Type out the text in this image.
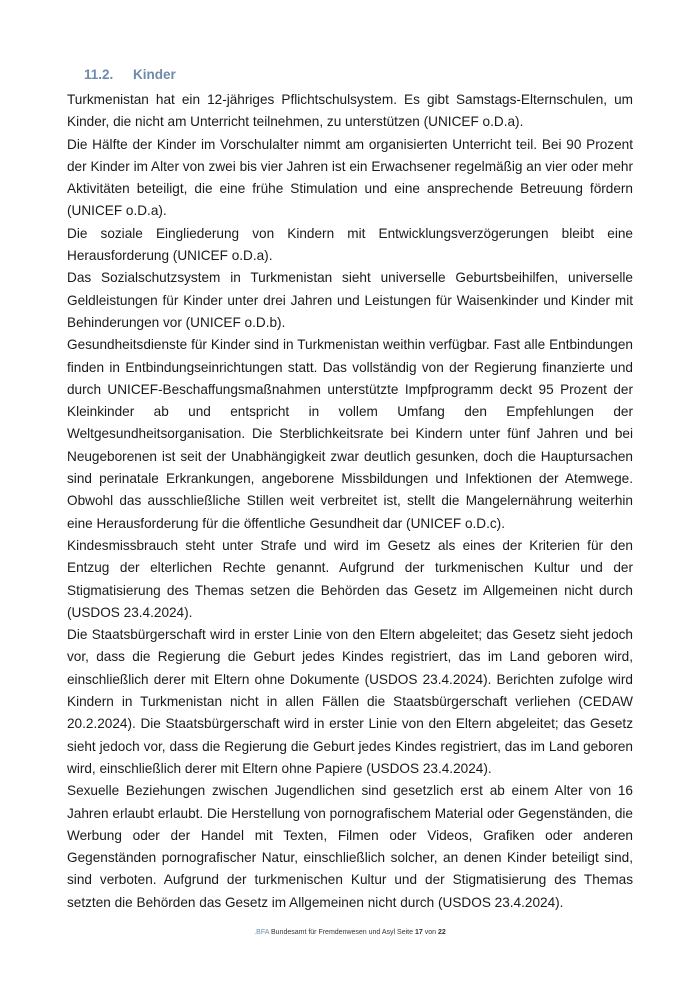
11.2. Kinder

Turkmenistan hat ein 12-jähriges Pflichtschulsystem. Es gibt Samstags-Elternschulen, um Kinder, die nicht am Unterricht teilnehmen, zu unterstützen (UNICEF o.D.a).

Die Hälfte der Kinder im Vorschulalter nimmt am organisierten Unterricht teil. Bei 90 Prozent der Kinder im Alter von zwei bis vier Jahren ist ein Erwachsener regelmäßig an vier oder mehr Aktivitäten beteiligt, die eine frühe Stimulation und eine ansprechende Betreuung fördern (UNICEF o.D.a).

Die soziale Eingliederung von Kindern mit Entwicklungsverzögerungen bleibt eine Herausforderung (UNICEF o.D.a).

Das Sozialschutzsystem in Turkmenistan sieht universelle Geburtsbeihilfen, universelle Geldleistungen für Kinder unter drei Jahren und Leistungen für Waisenkinder und Kinder mit Behinderungen vor (UNICEF o.D.b).

Gesundheitsdienste für Kinder sind in Turkmenistan weithin verfügbar. Fast alle Entbindungen finden in Entbindungseinrichtungen statt. Das vollständig von der Regierung finanzierte und durch UNICEF-Beschaffungsmaßnahmen unterstützte Impfprogramm deckt 95 Prozent der Kleinkinder ab und entspricht in vollem Umfang den Empfehlungen der Weltgesundheitsorganisation. Die Sterblichkeitsrate bei Kindern unter fünf Jahren und bei Neugeborenen ist seit der Unabhängigkeit zwar deutlich gesunken, doch die Hauptursachen sind perinatale Erkrankungen, angeborene Missbildungen und Infektionen der Atemwege. Obwohl das ausschließliche Stillen weit verbreitet ist, stellt die Mangelernährung weiterhin eine Herausforderung für die öffentliche Gesundheit dar (UNICEF o.D.c).

Kindesmissbrauch steht unter Strafe und wird im Gesetz als eines der Kriterien für den Entzug der elterlichen Rechte genannt. Aufgrund der turkmenischen Kultur und der Stigmatisierung des Themas setzen die Behörden das Gesetz im Allgemeinen nicht durch (USDOS 23.4.2024).

Die Staatsbürgerschaft wird in erster Linie von den Eltern abgeleitet; das Gesetz sieht jedoch vor, dass die Regierung die Geburt jedes Kindes registriert, das im Land geboren wird, einschließlich derer mit Eltern ohne Dokumente (USDOS 23.4.2024). Berichten zufolge wird Kindern in Turkmenistan nicht in allen Fällen die Staatsbürgerschaft verliehen (CEDAW 20.2.2024). Die Staatsbürgerschaft wird in erster Linie von den Eltern abgeleitet; das Gesetz sieht jedoch vor, dass die Regierung die Geburt jedes Kindes registriert, das im Land geboren wird, einschließlich derer mit Eltern ohne Papiere (USDOS 23.4.2024).

Sexuelle Beziehungen zwischen Jugendlichen sind gesetzlich erst ab einem Alter von 16 Jahren erlaubt erlaubt. Die Herstellung von pornografischem Material oder Gegenständen, die Werbung oder der Handel mit Texten, Filmen oder Videos, Grafiken oder anderen Gegenständen pornografischer Natur, einschließlich solcher, an denen Kinder beteiligt sind, sind verboten. Aufgrund der turkmenischen Kultur und der Stigmatisierung des Themas setzten die Behörden das Gesetz im Allgemeinen nicht durch (USDOS 23.4.2024).

.BFA Bundesamt für Fremdenwesen und Asyl Seite 17 von 22
